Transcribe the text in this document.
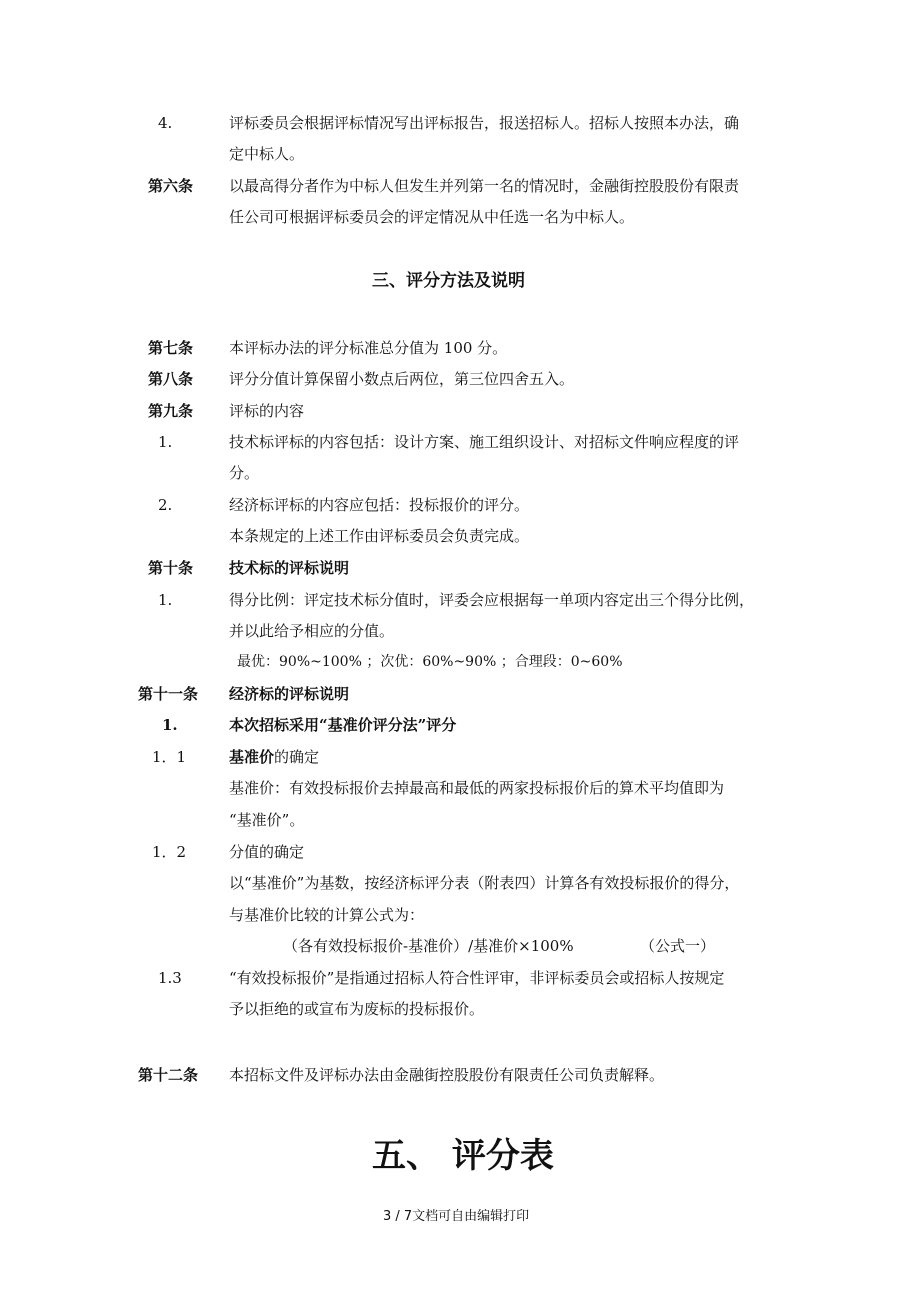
4.	评标委员会根据评标情况写出评标报告，报送招标人。招标人按照本办法，确
定中标人。
第六条 以最高得分者作为中标人但发生并列第一名的情况时，金融街控股股份有限责
任公司可根据评标委员会的评定情况从中任选一名为中标人。
三、评分方法及说明
第七条 本评标办法的评分标准总分值为 100 分。
第八条 评分分值计算保留小数点后两位，第三位四舍五入。
第九条 评标的内容
1.	技术标评标的内容包括：设计方案、施工组织设计、对招标文件响应程度的评
分。
2.	经济标评标的内容应包括：投标报价的评分。
本条规定的上述工作由评标委员会负责完成。
第十条 技术标的评标说明
1.	得分比例：评定技术标分值时，评委会应根据每一单项内容定出三个得分比例，
并以此给予相应的分值。
最优：90%~100% ；次优：60%~90% ；合理段：0~60%
第十一条 经济标的评标说明
1.	本次招标采用“基准价评分法”评分
1．1	基准价的确定
基准价：有效投标报价去掉最高和最低的两家投标报价后的算术平均值即为
“基准价”。
1．2	分值的确定
以“基准价”为基数，按经济标评分表（附表四）计算各有效投标报价的得分，
与基准价比较的计算公式为：
（各有效投标报价-基准价）/基准价×100%	（公式一）
1.3	“有效投标报价”是指通过招标人符合性评审，非评标委员会或招标人按规定
予以拒绝的或宣布为废标的投标报价。
第十二条 本招标文件及评标办法由金融街控股股份有限责任公司负责解释。
五、 评分表
3 / 7文档可自由编辑打印
